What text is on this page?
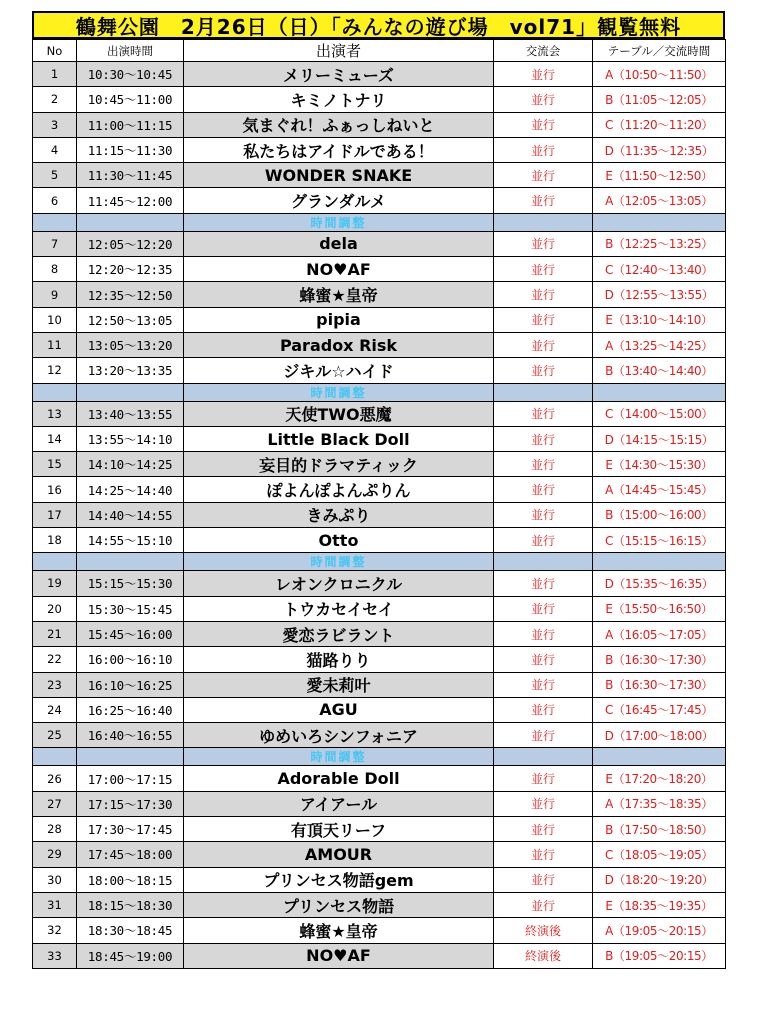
鶴舞公園　2月26日（日）「みんなの遊び場　vol71」観覧無料
No	出演時間	出演者	交流会	テーブル／交流時間
1	10:30〜10:45	メリーミューズ	並行	A（10:50〜11:50）
2	10:45〜11:00	キミノトナリ	並行	B（11:05〜12:05）
3	11:00〜11:15	気まぐれ！ふぁっしねいと	並行	C（11:20〜11:20）
4	11:15〜11:30	私たちはアイドルである！	並行	D（11:35〜12:35）
5	11:30〜11:45	WONDER SNAKE	並行	E（11:50〜12:50）
6	11:45〜12:00	グランダルメ	並行	A（12:05〜13:05）
		時間調整		
7	12:05〜12:20	dela	並行	B（12:25〜13:25）
8	12:20〜12:35	NO♥AF	並行	C（12:40〜13:40）
9	12:35〜12:50	蜂蜜★皇帝	並行	D（12:55〜13:55）
10	12:50〜13:05	pipia	並行	E（13:10〜14:10）
11	13:05〜13:20	Paradox Risk	並行	A（13:25〜14:25）
12	13:20〜13:35	ジキル☆ハイド	並行	B（13:40〜14:40）
		時間調整		
13	13:40〜13:55	天使TWO悪魔	並行	C（14:00〜15:00）
14	13:55〜14:10	Little Black Doll	並行	D（14:15〜15:15）
15	14:10〜14:25	妄目的ドラマティック	並行	E（14:30〜15:30）
16	14:25〜14:40	ぽよんぽよんぷりん	並行	A（14:45〜15:45）
17	14:40〜14:55	きみぷり	並行	B（15:00〜16:00）
18	14:55〜15:10	Otto	並行	C（15:15〜16:15）
		時間調整		
19	15:15〜15:30	レオンクロニクル	並行	D（15:35〜16:35）
20	15:30〜15:45	トウカセイセイ	並行	E（15:50〜16:50）
21	15:45〜16:00	愛恋ラビラント	並行	A（16:05〜17:05）
22	16:00〜16:10	猫路りり	並行	B（16:30〜17:30）
23	16:10〜16:25	愛未莉叶	並行	B（16:30〜17:30）
24	16:25〜16:40	AGU	並行	C（16:45〜17:45）
25	16:40〜16:55	ゆめいろシンフォニア	並行	D（17:00〜18:00）
		時間調整		
26	17:00〜17:15	Adorable Doll	並行	E（17:20〜18:20）
27	17:15〜17:30	アイアール	並行	A（17:35〜18:35）
28	17:30〜17:45	有頂天リーフ	並行	B（17:50〜18:50）
29	17:45〜18:00	AMOUR	並行	C（18:05〜19:05）
30	18:00〜18:15	プリンセス物語gem	並行	D（18:20〜19:20）
31	18:15〜18:30	プリンセス物語	並行	E（18:35〜19:35）
32	18:30〜18:45	蜂蜜★皇帝	終演後	A（19:05〜20:15）
33	18:45〜19:00	NO♥AF	終演後	B（19:05〜20:15）
